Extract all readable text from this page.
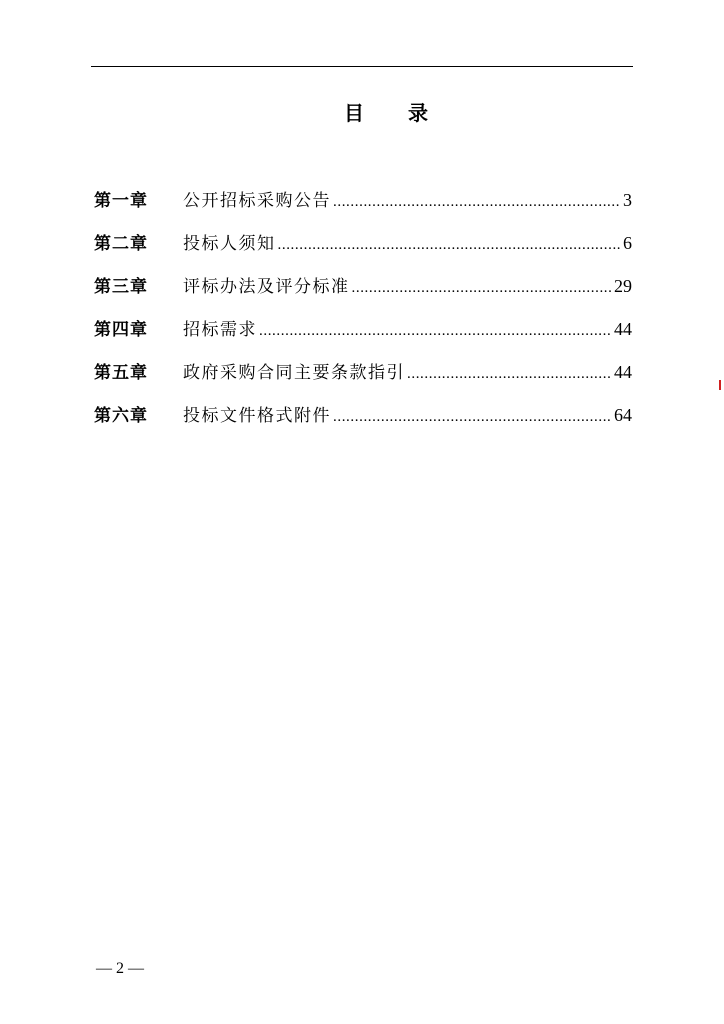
目 录
第一章	公开招标采购公告 .....	3
第二章	投标人须知 .....	6
第三章	评标办法及评分标准 .....	29
第四章	招标需求 .....	44
第五章	政府采购合同主要条款指引 .....	44
第六章	投标文件格式附件 .....	64
— 2 —
